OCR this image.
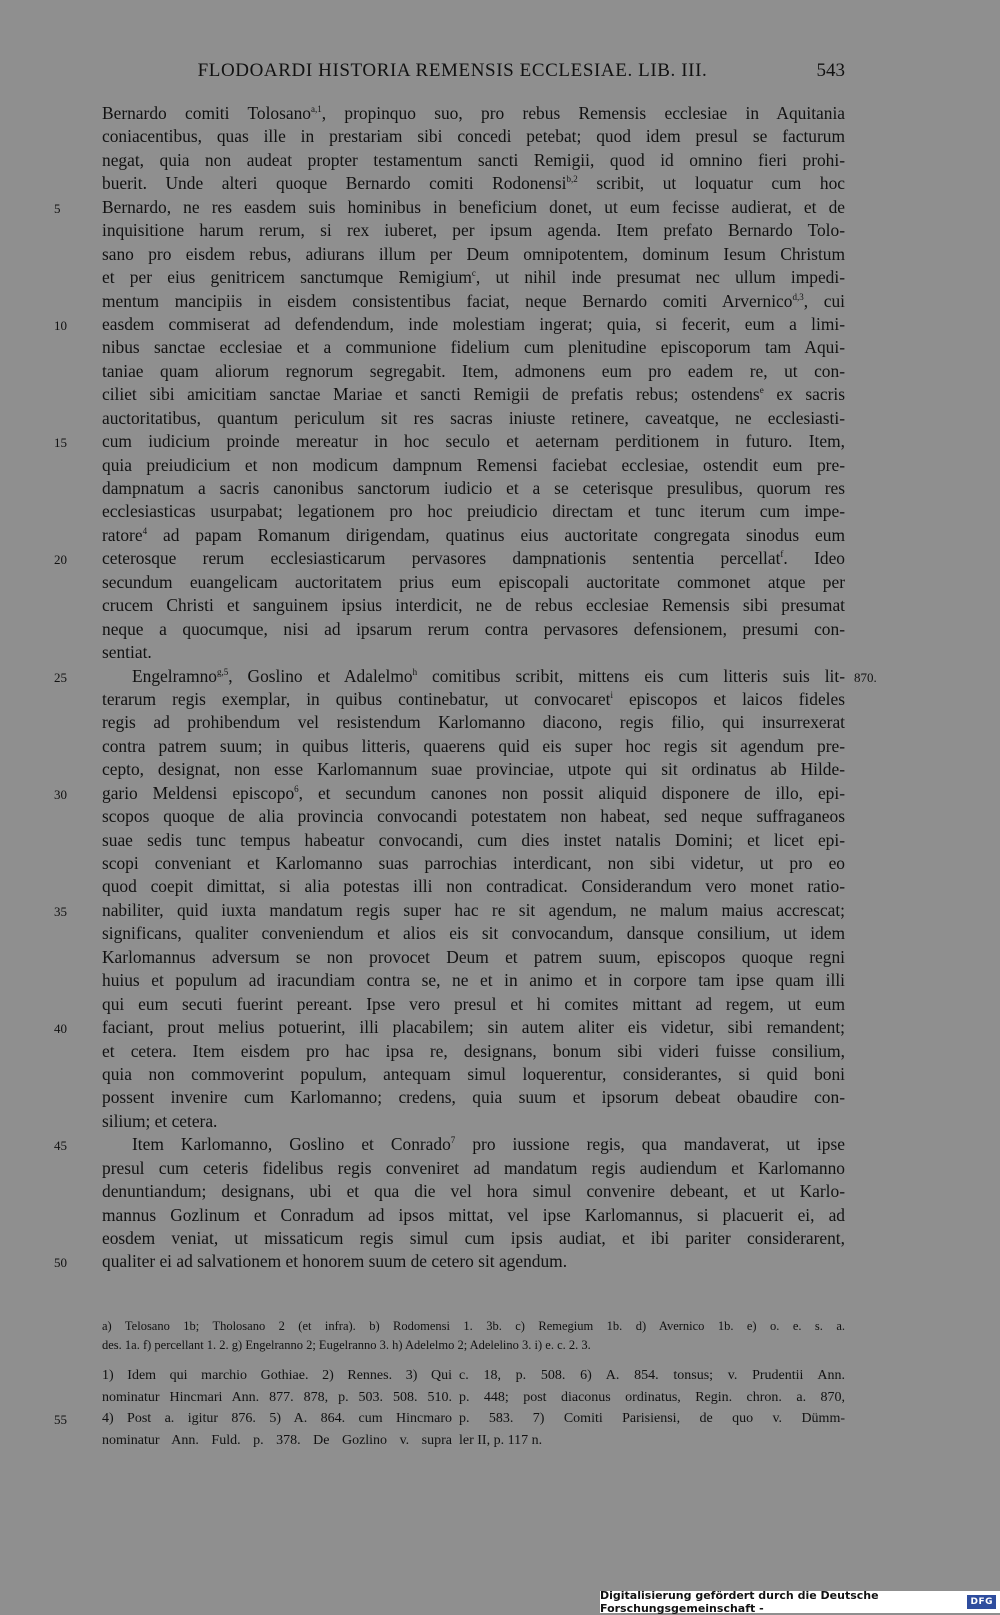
FLODOARDI HISTORIA REMENSIS ECCLESIAE. LIB. III.	543
Bernardo comiti Tolosano$^{a,1}$, propinquo suo, pro rebus Remensis ecclesiae in Aquitania
coniacentibus, quas ille in prestariam sibi concedi petebat; quod idem presul se facturum
negat, quia non audeat propter testamentum sancti Remigii, quod id omnino fieri prohi-
buerit. Unde alteri quoque Bernardo comiti Rodonensi$^{b,2}$ scribit, ut loquatur cum hoc
5	Bernardo, ne res easdem suis hominibus in beneficium donet, ut eum fecisse audierat, et de
inquisitione harum rerum, si rex iuberet, per ipsum agenda. Item prefato Bernardo Tolo-
sano pro eisdem rebus, adiurans illum per Deum omnipotentem, dominum Iesum Christum
et per eius genitricem sanctumque Remigium$^c$, ut nihil inde presumat nec ullum impedi-
mentum mancipiis in eisdem consistentibus faciat, neque Bernardo comiti Arvernico$^{d,3}$, cui
10	easdem commiserat ad defendendum, inde molestiam ingerat; quia, si fecerit, eum a limi-
nibus sanctae ecclesiae et a communione fidelium cum plenitudine episcoporum tam Aqui-
taniae quam aliorum regnorum segregabit. Item, admonens eum pro eadem re, ut con-
ciliet sibi amicitiam sanctae Mariae et sancti Remigii de prefatis rebus; ostendens$^e$ ex sacris
auctoritatibus, quantum periculum sit res sacras iniuste retinere, caveatque, ne ecclesiasti-
15	cum iudicium proinde mereatur in hoc seculo et aeternam perditionem in futuro. Item,
quia preiudicium et non modicum dampnum Remensi faciebat ecclesiae, ostendit eum pre-
dampnatum a sacris canonibus sanctorum iudicio et a se ceterisque presulibus, quorum res
ecclesiasticas usurpabat; legationem pro hoc preiudicio directam et tunc iterum cum impe-
ratore$^4$ ad papam Romanum dirigendam, quatinus eius auctoritate congregata sinodus eum
20	ceterosque rerum ecclesiasticarum pervasores dampnationis sententia percellat$^f$. Ideo
secundum euangelicam auctoritatem prius eum episcopali auctoritate commonet atque per
crucem Christi et sanguinem ipsius interdicit, ne de rebus ecclesiae Remensis sibi presumat
neque a quocumque, nisi ad ipsarum rerum contra pervasores defensionem, presumi con-
sentiat.
25	Engelramno$^{g,5}$, Goslino et Adalelmo$^h$ comitibus scribit, mittens eis cum litteris suis lit- 870.
terarum regis exemplar, in quibus continebatur, ut convocaret$^i$ episcopos et laicos fideles
regis ad prohibendum vel resistendum Karlomanno diacono, regis filio, qui insurrexerat
contra patrem suum; in quibus litteris, quaerens quid eis super hoc regis sit agendum pre-
cepto, designat, non esse Karlomannum suae provinciae, utpote qui sit ordinatus ab Hilde-
30	gario Meldensi episcopo$^6$, et secundum canones non possit aliquid disponere de illo, epi-
scopos quoque de alia provincia convocandi potestatem non habeat, sed neque suffraganeos
suae sedis tunc tempus habeatur convocandi, cum dies instet natalis Domini; et licet epi-
scopi conveniant et Karlomanno suas parrochias interdicant, non sibi videtur, ut pro eo
quod coepit dimittat, si alia potestas illi non contradicat. Considerandum vero monet ratio-
35	nabiliter, quid iuxta mandatum regis super hac re sit agendum, ne malum maius accrescat;
significans, qualiter conveniendum et alios eis sit convocandum, dansque consilium, ut idem
Karlomannus adversum se non provocet Deum et patrem suum, episcopos quoque regni
huius et populum ad iracundiam contra se, ne et in animo et in corpore tam ipse quam illi
qui eum secuti fuerint pereant. Ipse vero presul et hi comites mittant ad regem, ut eum
40	faciant, prout melius potuerint, illi placabilem; sin autem aliter eis videtur, sibi remandent;
et cetera. Item eisdem pro hac ipsa re, designans, bonum sibi videri fuisse consilium,
quia non commoverint populum, antequam simul loquerentur, considerantes, si quid boni
possent invenire cum Karlomanno; credens, quia suum et ipsorum debeat obaudire con-
silium; et cetera.
45	Item Karlomanno, Goslino et Conrado$^7$ pro iussione regis, qua mandaverat, ut ipse
presul cum ceteris fidelibus regis conveniret ad mandatum regis audiendum et Karlomanno
denuntiandum; designans, ubi et qua die vel hora simul convenire debeant, et ut Karlo-
mannus Gozlinum et Conradum ad ipsos mittat, vel ipse Karlomannus, si placuerit ei, ad
eosdem veniat, ut missaticum regis simul cum ipsis audiat, et ibi pariter considerarent,
50	qualiter ei ad salvationem et honorem suum de cetero sit agendum.
a) Telosano 1b; Tholosano 2 (et infra). b) Rodomensi 1. 3b. c) Remegium 1b. d) Avernico 1b. e) o. e. s. a.
des. 1a. f) percellant 1. 2. g) Engelranno 2; Eugelranno 3. h) Adelelmo 2; Adelelino 3. i) e. c. 2. 3.
1) Idem qui marchio Gothiae. 2) Rennes. 3) Qui
nominatur Hincmari Ann. 877. 878, p. 503. 508. 510.
55	4) Post a. igitur 876. 5) A. 864. cum Hincmaro
nominatur Ann. Fuld. p. 378. De Gozlino v. supra
c. 18, p. 508. 6) A. 854. tonsus; v. Prudentii Ann.
p. 448; post diaconus ordinatus, Regin. chron. a. 870,
p. 583. 7) Comiti Parisiensi, de quo v. Dümm-
ler II, p. 117 n.
Digitalisierung gefördert durch die Deutsche Forschungsgemeinschaft -	DFG
